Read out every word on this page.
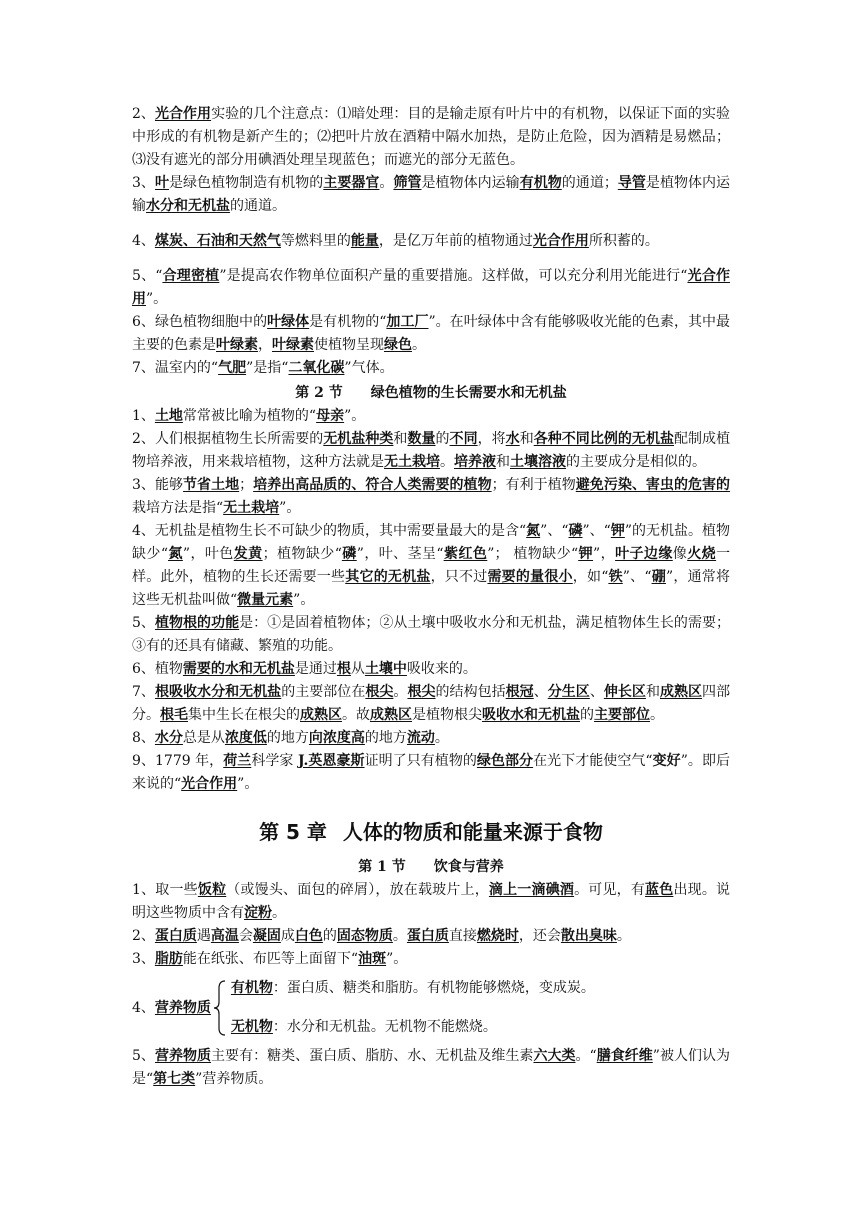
2、光合作用实验的几个注意点：⑴暗处理：目的是输走原有叶片中的有机物，以保证下面的实验中形成的有机物是新产生的；⑵把叶片放在酒精中隔水加热，是防止危险，因为酒精是易燃品；⑶没有遮光的部分用碘酒处理呈现蓝色；而遮光的部分无蓝色。

3、叶是绿色植物制造有机物的主要器官。筛管是植物体内运输有机物的通道；导管是植物体内运输水分和无机盐的通道。

4、煤炭、石油和天然气等燃料里的能量，是亿万年前的植物通过光合作用所积蓄的。

5、“合理密植”是提高农作物单位面积产量的重要措施。这样做，可以充分利用光能进行“光合作用”。

6、绿色植物细胞中的叶绿体是有机物的“加工厂”。在叶绿体中含有能够吸收光能的色素，其中最主要的色素是叶绿素，叶绿素使植物呈现绿色。

7、温室内的“气肥”是指“二氧化碳”气体。

第 2 节 绿色植物的生长需要水和无机盐

1、土地常常被比喻为植物的“母亲”。

2、人们根据植物生长所需要的无机盐种类和数量的不同，将水和各种不同比例的无机盐配制成植物培养液，用来栽培植物，这种方法就是无土栽培。培养液和土壤溶液的主要成分是相似的。

3、能够节省土地；培养出高品质的、符合人类需要的植物；有利于植物避免污染、害虫的危害的栽培方法是指“无土栽培”。

4、无机盐是植物生长不可缺少的物质，其中需要量最大的是含“氮”、“磷”、“钾”的无机盐。植物缺少“氮”，叶色发黄；植物缺少“磷”，叶、茎呈“紫红色”； 植物缺少“钾”，叶子边缘像火烧一样。此外，植物的生长还需要一些其它的无机盐，只不过需要的量很小，如“铁”、“硼”，通常将这些无机盐叫做“微量元素”。

5、植物根的功能是：①是固着植物体；②从土壤中吸收水分和无机盐，满足植物体生长的需要；③有的还具有储藏、繁殖的功能。

6、植物需要的水和无机盐是通过根从土壤中吸收来的。

7、根吸收水分和无机盐的主要部位在根尖。根尖的结构包括根冠、分生区、伸长区和成熟区四部分。根毛集中生长在根尖的成熟区。故成熟区是植物根尖吸收水和无机盐的主要部位。

8、水分总是从浓度低的地方向浓度高的地方流动。

9、1779 年，荷兰科学家 J.英恩豪斯证明了只有植物的绿色部分在光下才能使空气“变好”。即后来说的“光合作用”。

第 5 章 人体的物质和能量来源于食物
第 1 节 饮食与营养

1、取一些饭粒（或馒头、面包的碎屑），放在载玻片上，滴上一滴碘酒。可见，有蓝色出现。说明这些物质中含有淀粉。

2、蛋白质遇高温会凝固成白色的固态物质。蛋白质直接燃烧时，还会散出臭味。

3、脂肪能在纸张、布匹等上面留下“油斑”。

4、营养物质

有机物：蛋白质、糖类和脂肪。有机物能够燃烧，变成炭。

无机物：水分和无机盐。无机物不能燃烧。

5、营养物质主要有：糖类、蛋白质、脂肪、水、无机盐及维生素六大类。“膳食纤维”被人们认为是“第七类”营养物质。
